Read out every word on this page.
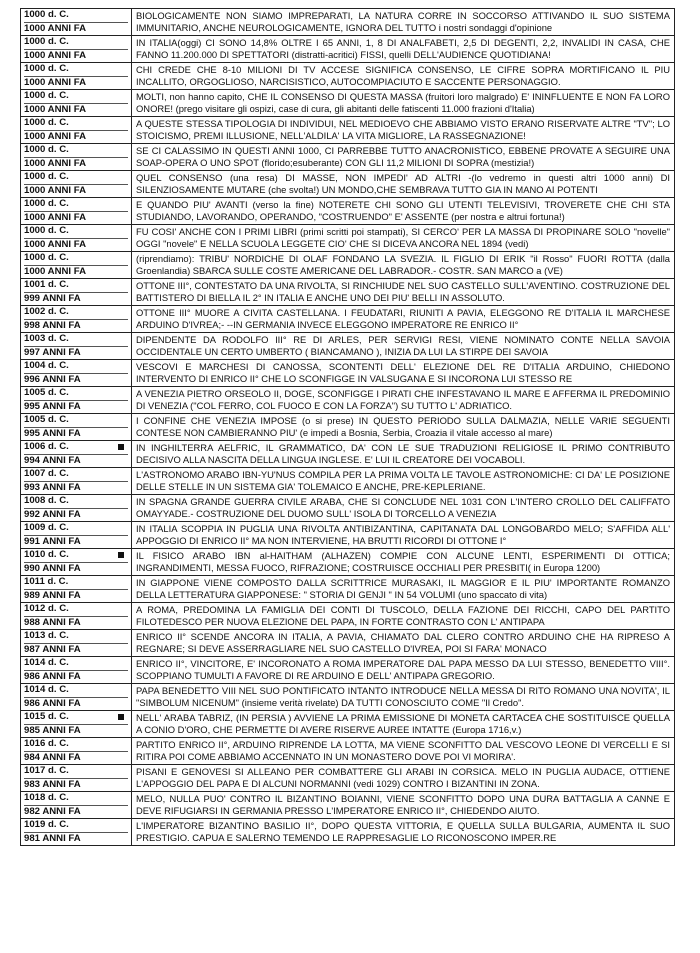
1000 d. C.
1000 ANNI FA	BIOLOGICAMENTE NON SIAMO IMPREPARATI, LA NATURA CORRE IN SOCCORSO ATTIVANDO IL SUO SISTEMA IMMUNITARIO, ANCHE NEUROLOGICAMENTE, IGNORA DEL TUTTO i nostri sondaggi d'opinione

1000 d. C.
1000 ANNI FA	IN ITALIA(oggi) CI SONO 14,8% OLTRE I 65 ANNI, 1, 8 DI ANALFABETI, 2,5 DI DEGENTI, 2,2, INVALIDI IN CASA, CHE FANNO 11.200.000 DI SPETTATORI (distratti-acritici) FISSI, quelli DELL'AUDIENCE QUOTIDIANA!

1000 d. C.
1000 ANNI FA	CHI CREDE CHE 8-10 MILIONI DI TV ACCESE SIGNIFICA CONSENSO, LE CIFRE SOPRA MORTIFICANO IL PIU INCALLITO, ORGOGLIOSO, NARCISISTICO, AUTOCOMPIACIUTO E SACCENTE PERSONAGGIO.

1000 d. C.
1000 ANNI FA	MOLTI, non hanno capito, CHE IL CONSENSO DI QUESTA MASSA (fruitori loro malgrado) E' ININFLUENTE E NON FA LORO ONORE! (prego visitare gli ospizi, case di cura, gli abitanti delle fatiscenti 11.000 frazioni d'Italia)

1000 d. C.
1000 ANNI FA	A QUESTE STESSA TIPOLOGIA DI INDIVIDUI, NEL MEDIOEVO CHE ABBIAMO VISTO ERANO RISERVATE ALTRE "TV"; LO STOICISMO, PREMI ILLUSIONE, NELL'ALDILA' LA VITA MIGLIORE, LA RASSEGNAZIONE!

1000 d. C.
1000 ANNI FA	SE CI CALASSIMO IN QUESTI ANNI 1000, CI PARREBBE TUTTO ANACRONISTICO, EBBENE PROVATE A SEGUIRE UNA SOAP-OPERA O UNO SPOT (florido;esuberante) CON GLI 11,2 MILIONI DI SOPRA (mestizia!)

1000 d. C.
1000 ANNI FA	QUEL CONSENSO (una resa) DI MASSE, NON IMPEDI' AD ALTRI -(lo vedremo in questi altri 1000 anni) DI SILENZIOSAMENTE MUTARE (che svolta!) UN MONDO,CHE SEMBRAVA TUTTO GIA IN MANO AI POTENTI

1000 d. C.
1000 ANNI FA	E QUANDO PIU' AVANTI (verso la fine) NOTERETE CHI SONO GLI UTENTI TELEVISIVI, TROVERETE CHE CHI STA STUDIANDO, LAVORANDO, OPERANDO, "COSTRUENDO" E' ASSENTE (per nostra e altrui fortuna!)

1000 d. C.
1000 ANNI FA	FU COSI' ANCHE CON I PRIMI LIBRI (primi scritti poi stampati), SI CERCO' PER LA MASSA DI PROPINARE SOLO "novelle" OGGI "novele" E NELLA SCUOLA LEGGETE CIO' CHE SI DICEVA ANCORA NEL 1894 (vedi)

1000 d. C.
1000 ANNI FA	(riprendiamo): TRIBU' NORDICHE DI OLAF FONDANO LA SVEZIA. IL FIGLIO DI ERIK "il Rosso" FUORI ROTTA (dalla Groenlandia) SBARCA SULLE COSTE AMERICANE DEL LABRADOR.- COSTR. SAN MARCO a (VE)

1001 d. C.
999 ANNI FA	OTTONE III°, CONTESTATO DA UNA RIVOLTA, SI RINCHIUDE NEL SUO CASTELLO SULL'AVENTINO. COSTRUZIONE DEL BATTISTERO DI BIELLA IL 2° IN ITALIA E ANCHE UNO DEI PIU' BELLI IN ASSOLUTO.

1002 d. C.
998 ANNI FA	OTTONE III° MUORE A CIVITA CASTELLANA. I FEUDATARI, RIUNITI A PAVIA, ELEGGONO RE D'ITALIA IL MARCHESE ARDUINO D'IVREA;- --IN GERMANIA INVECE ELEGGONO IMPERATORE RE ENRICO II°

1003 d. C.
997 ANNI FA	DIPENDENTE DA RODOLFO III° RE DI ARLES, PER SERVIGI RESI, VIENE NOMINATO CONTE NELLA SAVOIA OCCIDENTALE UN CERTO UMBERTO ( BIANCAMANO ), INIZIA DA LUI LA STIRPE DEI SAVOIA

1004 d. C.
996 ANNI FA	VESCOVI E MARCHESI DI CANOSSA, SCONTENTI DELL' ELEZIONE DEL RE D'ITALIA ARDUINO, CHIEDONO INTERVENTO DI ENRICO II° CHE LO SCONFIGGE IN VALSUGANA E SI INCORONA LUI STESSO RE

1005 d. C.
995 ANNI FA	A VENEZIA PIETRO ORSEOLO II, DOGE, SCONFIGGE I PIRATI CHE INFESTAVANO IL MARE E AFFERMA IL PREDOMINIO DI VENEZIA ("COL FERRO, COL FUOCO E CON LA FORZA") SU TUTTO L' ADRIATICO.

1005 d. C.
995 ANNI FA	I CONFINE CHE VENEZIA IMPOSE (o si prese) IN QUESTO PERIODO SULLA DALMAZIA, NELLE VARIE SEGUENTI CONTESE NON CAMBIERANNO PIU' (e impedi a Bosnia, Serbia, Croazia il vitale accesso al mare)

1006 d. C.
994 ANNI FA	IN INGHILTERRA AELFRIC, IL GRAMMATICO, DA' CON LE SUE TRADUZIONI RELIGIOSE IL PRIMO CONTRIBUTO DECISIVO ALLA NASCITA DELLA LINGUA INGLESE. E' LUI IL CREATORE DEI VOCABOLI.

1007 d. C.
993 ANNI FA	L'ASTRONOMO ARABO IBN-YU'NUS COMPILA PER LA PRIMA VOLTA LE TAVOLE ASTRONOMICHE: CI DA' LE POSIZIONE DELLE STELLE IN UN SISTEMA GIA' TOLEMAICO E ANCHE, PRE-KEPLERIANE.

1008 d. C.
992 ANNI FA	IN SPAGNA GRANDE GUERRA CIVILE ARABA, CHE SI CONCLUDE NEL 1031 CON L'INTERO CROLLO DEL CALIFFATO OMAYYADE.- COSTRUZIONE DEL DUOMO SULL' ISOLA DI TORCELLO A VENEZIA

1009 d. C.
991 ANNI FA	IN ITALIA SCOPPIA IN PUGLIA UNA RIVOLTA ANTIBIZANTINA, CAPITANATA DAL LONGOBARDO MELO; S'AFFIDA ALL' APPOGGIO DI ENRICO II° MA NON INTERVIENE, HA BRUTTI RICORDI DI OTTONE I°

1010 d. C.
990 ANNI FA	IL FISICO ARABO IBN al-HAITHAM (ALHAZEN) COMPIE CON ALCUNE LENTI, ESPERIMENTI DI OTTICA; INGRANDIMENTI, MESSA FUOCO, RIFRAZIONE; COSTRUISCE OCCHIALI PER PRESBITI( in Europa 1200)

1011 d. C.
989 ANNI FA	IN GIAPPONE VIENE COMPOSTO DALLA SCRITTRICE MURASAKI, IL MAGGIOR E IL PIU' IMPORTANTE ROMANZO DELLA LETTERATURA GIAPPONESE: " STORIA DI GENJI " IN 54 VOLUMI (uno spaccato di vita)

1012 d. C.
988 ANNI FA	A ROMA, PREDOMINA LA FAMIGLIA DEI CONTI DI TUSCOLO, DELLA FAZIONE DEI RICCHI, CAPO DEL PARTITO FILOTEDESCO PER NUOVA ELEZIONE DEL PAPA, IN FORTE CONTRASTO CON L' ANTIPAPA

1013 d. C.
987 ANNI FA	ENRICO II° SCENDE ANCORA IN ITALIA, A PAVIA, CHIAMATO DAL CLERO CONTRO ARDUINO CHE HA RIPRESO A REGNARE; SI DEVE ASSERRAGLIARE NEL SUO CASTELLO D'IVREA, POI SI FARA' MONACO

1014 d. C.
986 ANNI FA	ENRICO II°, VINCITORE, E' INCORONATO A ROMA IMPERATORE DAL PAPA MESSO DA LUI STESSO, BENEDETTO VIII°. SCOPPIANO TUMULTI A FAVORE DI RE ARDUINO E DELL' ANTIPAPA GREGORIO.

1014 d. C.
986 ANNI FA	PAPA BENEDETTO VIII NEL SUO PONTIFICATO INTANTO INTRODUCE NELLA MESSA DI RITO ROMANO UNA NOVITA', IL "SIMBOLUM NICENUM" (insieme verità rivelate) DA TUTTI CONOSCIUTO COME "Il Credo".

1015 d. C.
985 ANNI FA	NELL' ARABA TABRIZ, (IN PERSIA ) AVVIENE LA PRIMA EMISSIONE DI MONETA CARTACEA CHE SOSTITUISCE QUELLA A CONIO D'ORO, CHE PERMETTE DI AVERE RISERVE AUREE INTATTE (Europa 1716,v.)

1016 d. C.
984 ANNI FA	PARTITO ENRICO II°, ARDUINO RIPRENDE LA LOTTA, MA VIENE SCONFITTO DAL VESCOVO LEONE DI VERCELLI E SI RITIRA POI COME ABBIAMO ACCENNATO IN UN MONASTERO DOVE POI VI MORIRA'.

1017 d. C.
983 ANNI FA	PISANI E GENOVESI SI ALLEANO PER COMBATTERE GLI ARABI IN CORSICA. MELO IN PUGLIA AUDACE, OTTIENE L'APPOGGIO DEL PAPA E DI ALCUNI NORMANNI (vedi 1029) CONTRO I BIZANTINI IN ZONA.

1018 d. C.
982 ANNI FA	MELO, NULLA PUO' CONTRO IL BIZANTINO BOIANNI, VIENE SCONFITTO DOPO UNA DURA BATTAGLIA A CANNE E DEVE RIFUGIARSI IN GERMANIA PRESSO L'IMPERATORE ENRICO II°, CHIEDENDO AIUTO.

1019 d. C.
981 ANNI FA	L'IMPERATORE BIZANTINO BASILIO II°, DOPO QUESTA VITTORIA, E QUELLA SULLA BULGARIA, AUMENTA IL SUO PRESTIGIO. CAPUA E SALERNO TEMENDO LE RAPPRESAGLIE LO RICONOSCONO IMPER.RE
